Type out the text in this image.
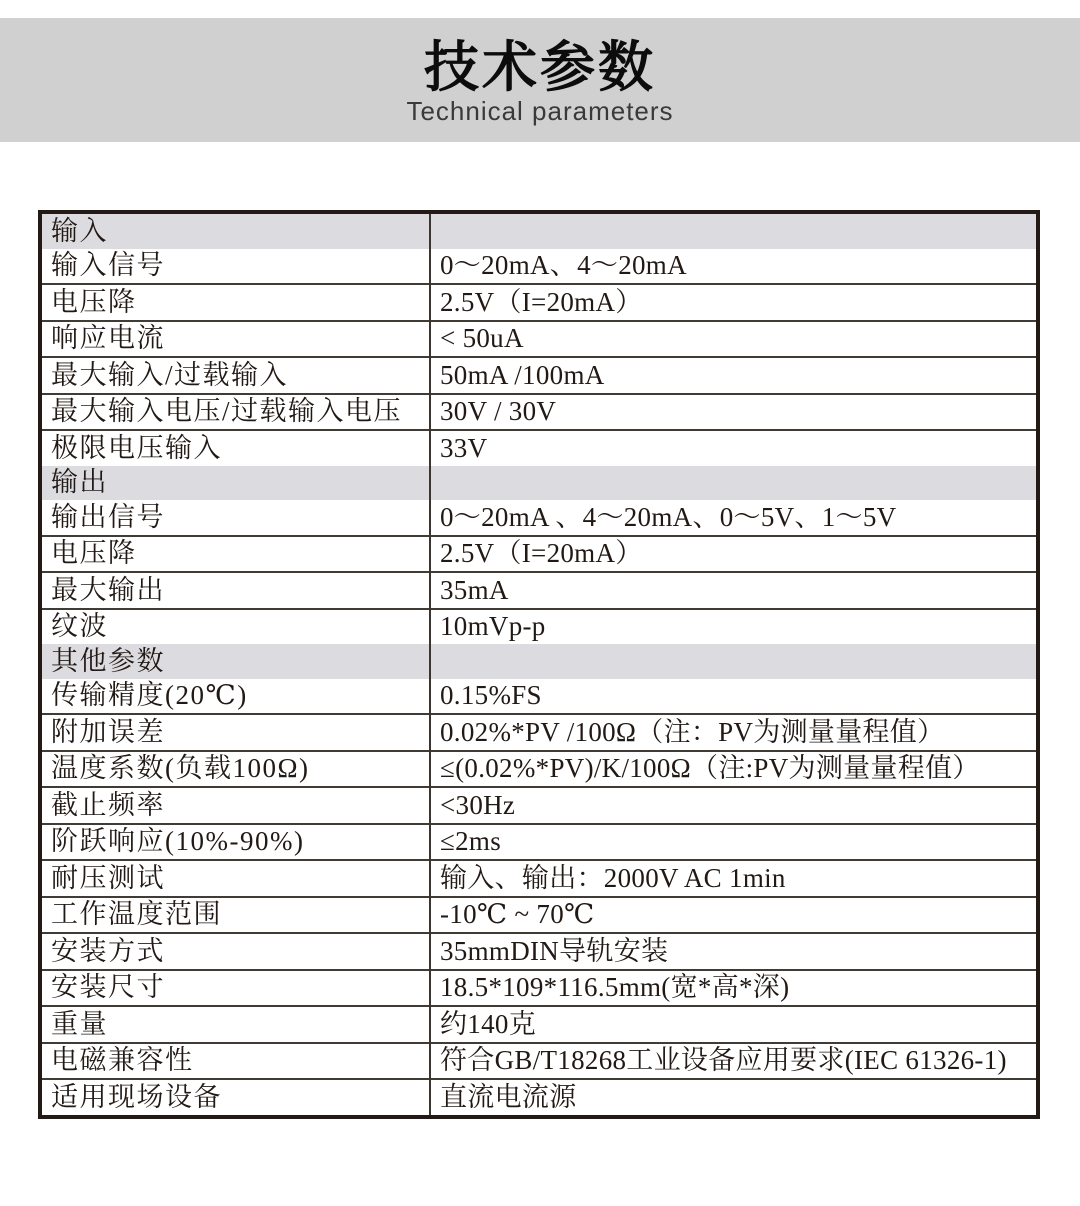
技术参数
Technical parameters
输入	
输入信号	0～20mA、4～20mA
电压降	2.5V（I=20mA）
响应电流	< 50uA
最大输入/过载输入	50mA /100mA
最大输入电压/过载输入电压	30V / 30V
极限电压输入	33V
输出	
输出信号	0～20mA 、4～20mA、0～5V、1～5V
电压降	2.5V（I=20mA）
最大输出	35mA
纹波	10mVp-p
其他参数	
传输精度(20℃)	0.15%FS
附加误差	0.02%*PV /100Ω（注：PV为测量量程值）
温度系数(负载100Ω)	≤(0.02%*PV)/K/100Ω（注:PV为测量量程值）
截止频率	<30Hz
阶跃响应(10%-90%)	≤2ms
耐压测试	输入、输出：2000V AC 1min
工作温度范围	-10℃ ~ 70℃
安装方式	35mmDIN导轨安装
安装尺寸	18.5*109*116.5mm(宽*高*深)
重量	约140克
电磁兼容性	符合GB/T18268工业设备应用要求(IEC 61326-1)
适用现场设备	直流电流源
